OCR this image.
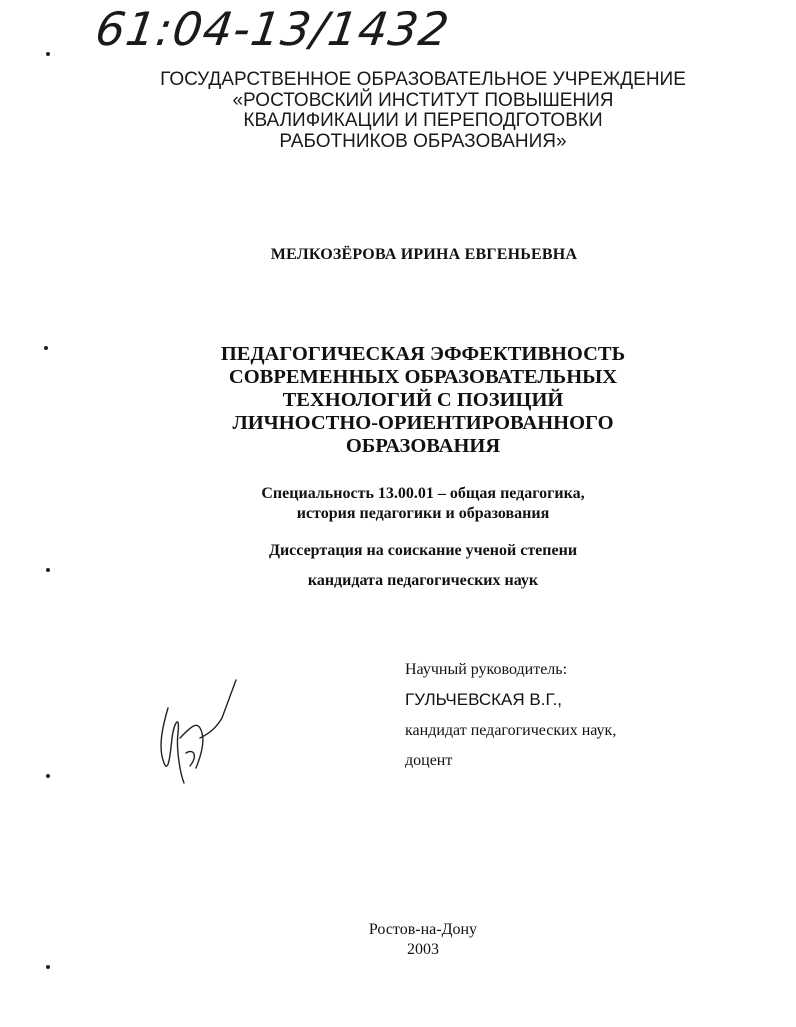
61:04-13/1432
ГОСУДАРСТВЕННОЕ ОБРАЗОВАТЕЛЬНОЕ УЧРЕЖДЕНИЕ
«РОСТОВСКИЙ ИНСТИТУТ ПОВЫШЕНИЯ
КВАЛИФИКАЦИИ И ПЕРЕПОДГОТОВКИ
РАБОТНИКОВ ОБРАЗОВАНИЯ»
МЕЛКОЗЁРОВА ИРИНА ЕВГЕНЬЕВНА
ПЕДАГОГИЧЕСКАЯ ЭФФЕКТИВНОСТЬ
СОВРЕМЕННЫХ ОБРАЗОВАТЕЛЬНЫХ
ТЕХНОЛОГИЙ С ПОЗИЦИЙ
ЛИЧНОСТНО-ОРИЕНТИРОВАННОГО
ОБРАЗОВАНИЯ
Специальность 13.00.01 – общая педагогика,
история педагогики и образования
Диссертация на соискание ученой степени
кандидата педагогических наук
Научный руководитель:
ГУЛЬЧЕВСКАЯ В.Г.,
кандидат педагогических наук,
доцент
Ростов-на-Дону
2003
